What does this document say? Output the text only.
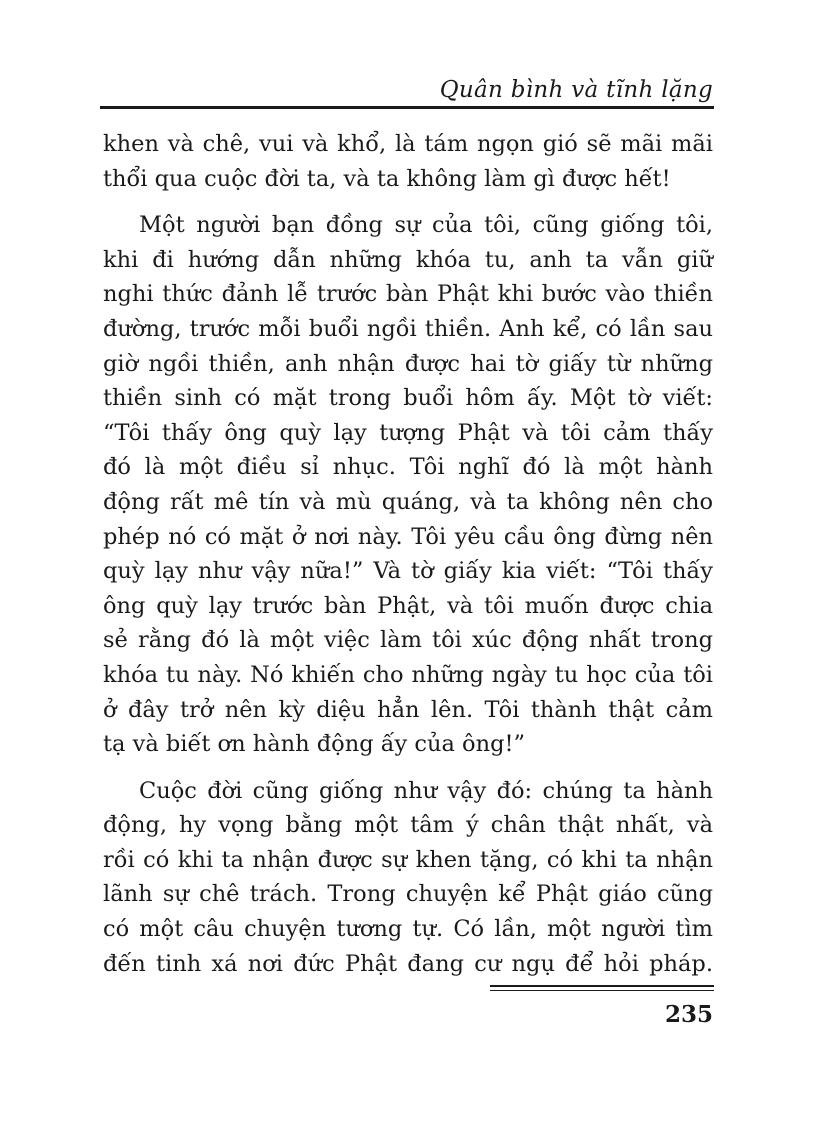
Quân bình và tĩnh lặng
khen và chê, vui và khổ, là tám ngọn gió sẽ mãi mãi
thổi qua cuộc đời ta, và ta không làm gì được hết!
Một người bạn đồng sự của tôi, cũng giống tôi,
khi đi hướng dẫn những khóa tu, anh ta vẫn giữ
nghi thức đảnh lễ trước bàn Phật khi bước vào thiền
đường, trước mỗi buổi ngồi thiền. Anh kể, có lần sau
giờ ngồi thiền, anh nhận được hai tờ giấy từ những
thiền sinh có mặt trong buổi hôm ấy. Một tờ viết:
“Tôi thấy ông quỳ lạy tượng Phật và tôi cảm thấy
đó là một điều sỉ nhục. Tôi nghĩ đó là một hành
động rất mê tín và mù quáng, và ta không nên cho
phép nó có mặt ở nơi này. Tôi yêu cầu ông đừng nên
quỳ lạy như vậy nữa!” Và tờ giấy kia viết: “Tôi thấy
ông quỳ lạy trước bàn Phật, và tôi muốn được chia
sẻ rằng đó là một việc làm tôi xúc động nhất trong
khóa tu này. Nó khiến cho những ngày tu học của tôi
ở đây trở nên kỳ diệu hẳn lên. Tôi thành thật cảm
tạ và biết ơn hành động ấy của ông!”
Cuộc đời cũng giống như vậy đó: chúng ta hành
động, hy vọng bằng một tâm ý chân thật nhất, và
rồi có khi ta nhận được sự khen tặng, có khi ta nhận
lãnh sự chê trách. Trong chuyện kể Phật giáo cũng
có một câu chuyện tương tự. Có lần, một người tìm
đến tinh xá nơi đức Phật đang cư ngụ để hỏi pháp.
235
